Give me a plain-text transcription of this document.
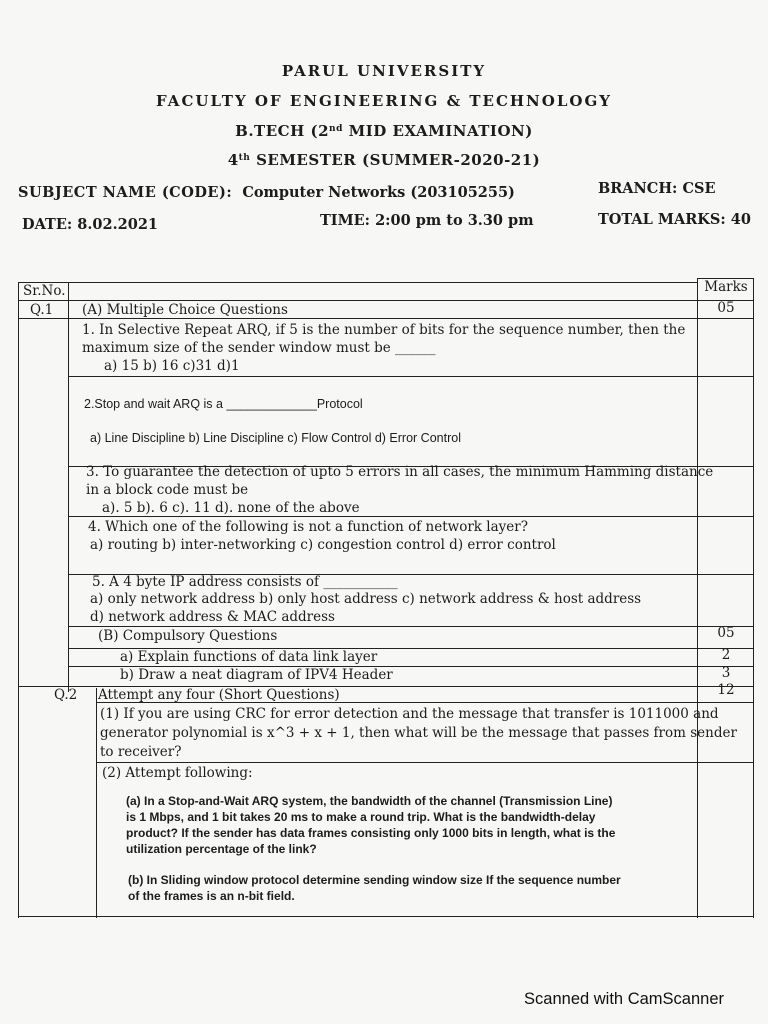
PARUL UNIVERSITY
FACULTY OF ENGINEERING & TECHNOLOGY
B.TECH (2nd MID EXAMINATION)
4th SEMESTER (SUMMER-2020-21)
SUBJECT NAME (CODE): Computer Networks (203105255)	BRANCH: CSE
DATE: 8.02.2021	TIME: 2:00 pm to 3.30 pm	TOTAL MARKS: 40
Sr.No.	Marks
Q.1 (A) Multiple Choice Questions	05
1. In Selective Repeat ARQ, if 5 is the number of bits for the sequence number, then the
maximum size of the sender window must be ______
a) 15 b) 16 c)31 d)1
2.Stop and wait ARQ is a _____________Protocol
a) Line Discipline b) Line Discipline c) Flow Control d) Error Control
3. To guarantee the detection of upto 5 errors in all cases, the minimum Hamming distance
in a block code must be
a). 5 b). 6 c). 11 d). none of the above
4. Which one of the following is not a function of network layer?
a) routing b) inter-networking c) congestion control d) error control
5. A 4 byte IP address consists of ___________
a) only network address b) only host address c) network address & host address
d) network address & MAC address
(B) Compulsory Questions	05
a) Explain functions of data link layer	2
b) Draw a neat diagram of IPV4 Header	3
Q.2 Attempt any four (Short Questions)	12
(1) If you are using CRC for error detection and the message that transfer is 1011000 and
generator polynomial is x^3 + x + 1, then what will be the message that passes from sender
to receiver?
(2) Attempt following:
(a) In a Stop-and-Wait ARQ system, the bandwidth of the channel (Transmission Line)
is 1 Mbps, and 1 bit takes 20 ms to make a round trip. What is the bandwidth-delay
product? If the sender has data frames consisting only 1000 bits in length, what is the
utilization percentage of the link?
(b) In Sliding window protocol determine sending window size If the sequence number
of the frames is an n-bit field.
Scanned with CamScanner
